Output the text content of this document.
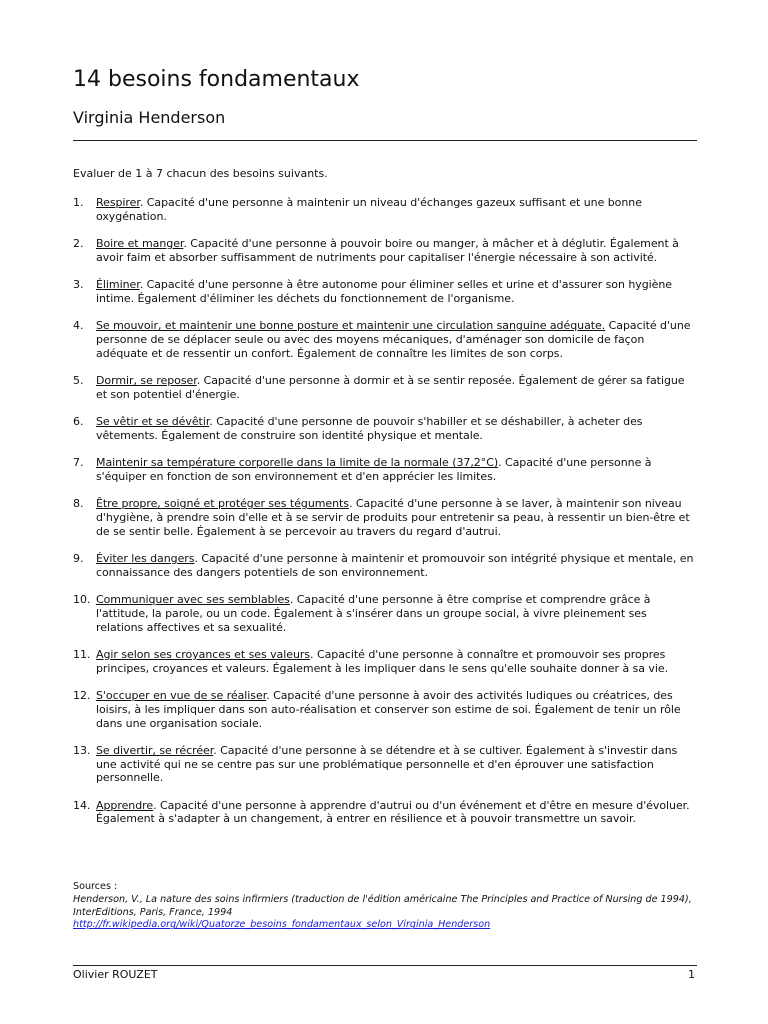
14 besoins fondamentaux
Virginia Henderson

Evaluer de 1 à 7 chacun des besoins suivants.

1.	Respirer. Capacité d'une personne à maintenir un niveau d'échanges gazeux suffisant et une bonne oxygénation.
2.	Boire et manger. Capacité d'une personne à pouvoir boire ou manger, à mâcher et à déglutir. Également à avoir faim et absorber suffisamment de nutriments pour capitaliser l'énergie nécessaire à son activité.
3.	Éliminer. Capacité d'une personne à être autonome pour éliminer selles et urine et d'assurer son hygiène intime. Également d'éliminer les déchets du fonctionnement de l'organisme.
4.	Se mouvoir, et maintenir une bonne posture et maintenir une circulation sanguine adéquate. Capacité d'une personne de se déplacer seule ou avec des moyens mécaniques, d'aménager son domicile de façon adéquate et de ressentir un confort. Également de connaître les limites de son corps.
5.	Dormir, se reposer. Capacité d'une personne à dormir et à se sentir reposée. Également de gérer sa fatigue et son potentiel d'énergie.
6.	Se vêtir et se dévêtir. Capacité d'une personne de pouvoir s'habiller et se déshabiller, à acheter des vêtements. Également de construire son identité physique et mentale.
7.	Maintenir sa température corporelle dans la limite de la normale (37,2°C). Capacité d'une personne à s'équiper en fonction de son environnement et d'en apprécier les limites.
8.	Être propre, soigné et protéger ses téguments. Capacité d'une personne à se laver, à maintenir son niveau d'hygiène, à prendre soin d'elle et à se servir de produits pour entretenir sa peau, à ressentir un bien-être et de se sentir belle. Également à se percevoir au travers du regard d'autrui.
9.	Éviter les dangers. Capacité d'une personne à maintenir et promouvoir son intégrité physique et mentale, en connaissance des dangers potentiels de son environnement.
10. Communiquer avec ses semblables. Capacité d'une personne à être comprise et comprendre grâce à l'attitude, la parole, ou un code. Également à s'insérer dans un groupe social, à vivre pleinement ses relations affectives et sa sexualité.
11. Agir selon ses croyances et ses valeurs. Capacité d'une personne à connaître et promouvoir ses propres principes, croyances et valeurs. Également à les impliquer dans le sens qu'elle souhaite donner à sa vie.
12. S'occuper en vue de se réaliser. Capacité d'une personne à avoir des activités ludiques ou créatrices, des loisirs, à les impliquer dans son auto-réalisation et conserver son estime de soi. Également de tenir un rôle dans une organisation sociale.
13. Se divertir, se récréer. Capacité d'une personne à se détendre et à se cultiver. Également à s'investir dans une activité qui ne se centre pas sur une problématique personnelle et d'en éprouver une satisfaction personnelle.
14. Apprendre. Capacité d'une personne à apprendre d'autrui ou d'un événement et d'être en mesure d'évoluer. Également à s'adapter à un changement, à entrer en résilience et à pouvoir transmettre un savoir.
Sources :
Henderson, V., La nature des soins infirmiers (traduction de l'édition américaine The Principles and Practice of Nursing de 1994), InterEditions, Paris, France, 1994
http://fr.wikipedia.org/wiki/Quatorze_besoins_fondamentaux_selon_Virginia_Henderson
Olivier ROUZET	1
